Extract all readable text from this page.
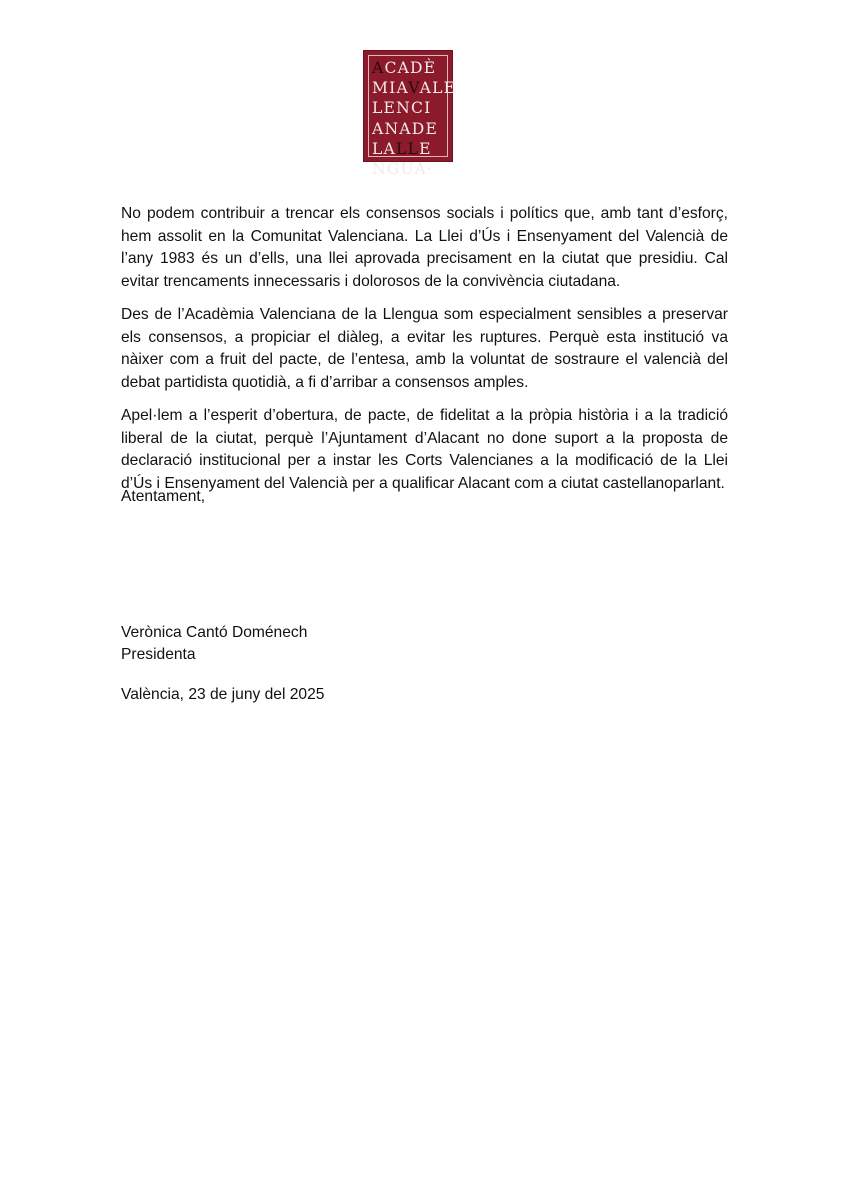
ACADÈ
MIAVALE
LENCI
ANADE
LALLE
NGUA·

No podem contribuir a trencar els consensos socials i polítics que, amb tant d’esforç, hem assolit en la Comunitat Valenciana. La Llei d’Ús i Ensenyament del Valencià de l’any 1983 és un d’ells, una llei aprovada precisament en la ciutat que presidiu. Cal evitar trencaments innecessaris i dolorosos de la convivència ciutadana.

Des de l’Acadèmia Valenciana de la Llengua som especialment sensibles a preservar els consensos, a propiciar el diàleg, a evitar les ruptures. Perquè esta institució va nàixer com a fruit del pacte, de l’entesa, amb la voluntat de sostraure el valencià del debat partidista quotidià, a fi d’arribar a consensos amples.

Apel·lem a l’esperit d’obertura, de pacte, de fidelitat a la pròpia història i a la tradició liberal de la ciutat, perquè l’Ajuntament d’Alacant no done suport a la proposta de declaració institucional per a instar les Corts Valencianes a la modificació de la Llei d’Ús i Ensenyament del Valencià per a qualificar Alacant com a ciutat castellanoparlant.

Atentament,
Verònica Cantó Doménech
Presidenta
València, 23 de juny del 2025
